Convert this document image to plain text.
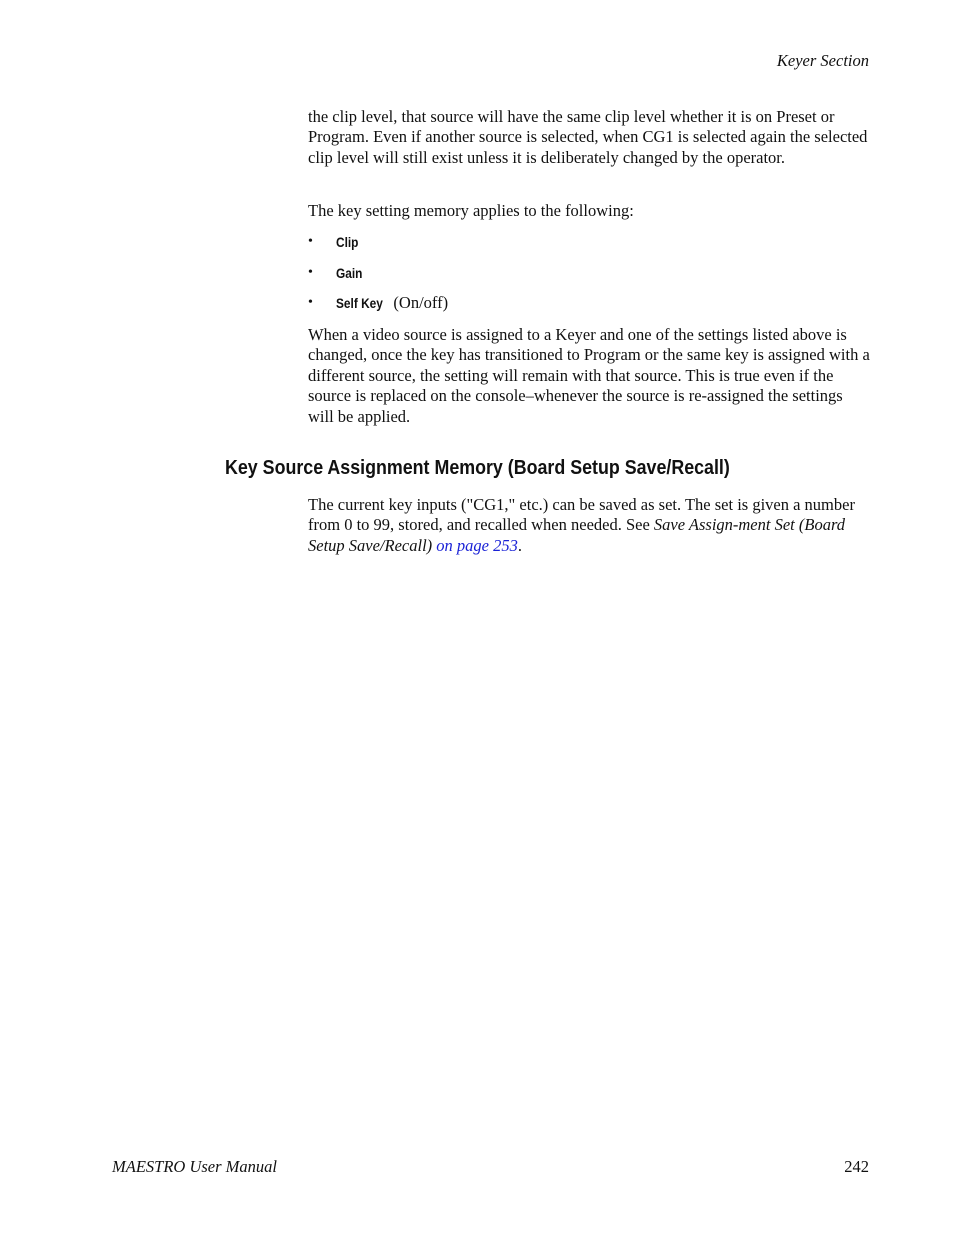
Keyer Section
the clip level, that source will have the same clip level whether it is on Preset or Program. Even if another source is selected, when CG1 is selected again the selected clip level will still exist unless it is deliberately changed by the operator.
The key setting memory applies to the following:
• Clip
• Gain
• Self Key (On/off)
When a video source is assigned to a Keyer and one of the settings listed above is changed, once the key has transitioned to Program or the same key is assigned with a different source, the setting will remain with that source. This is true even if the source is replaced on the console–whenever the source is re-assigned the settings will be applied.
Key Source Assignment Memory (Board Setup Save/Recall)
The current key inputs ("CG1," etc.) can be saved as set. The set is given a number from 0 to 99, stored, and recalled when needed. See Save Assign-ment Set (Board Setup Save/Recall) on page 253.
MAESTRO User Manual	242
